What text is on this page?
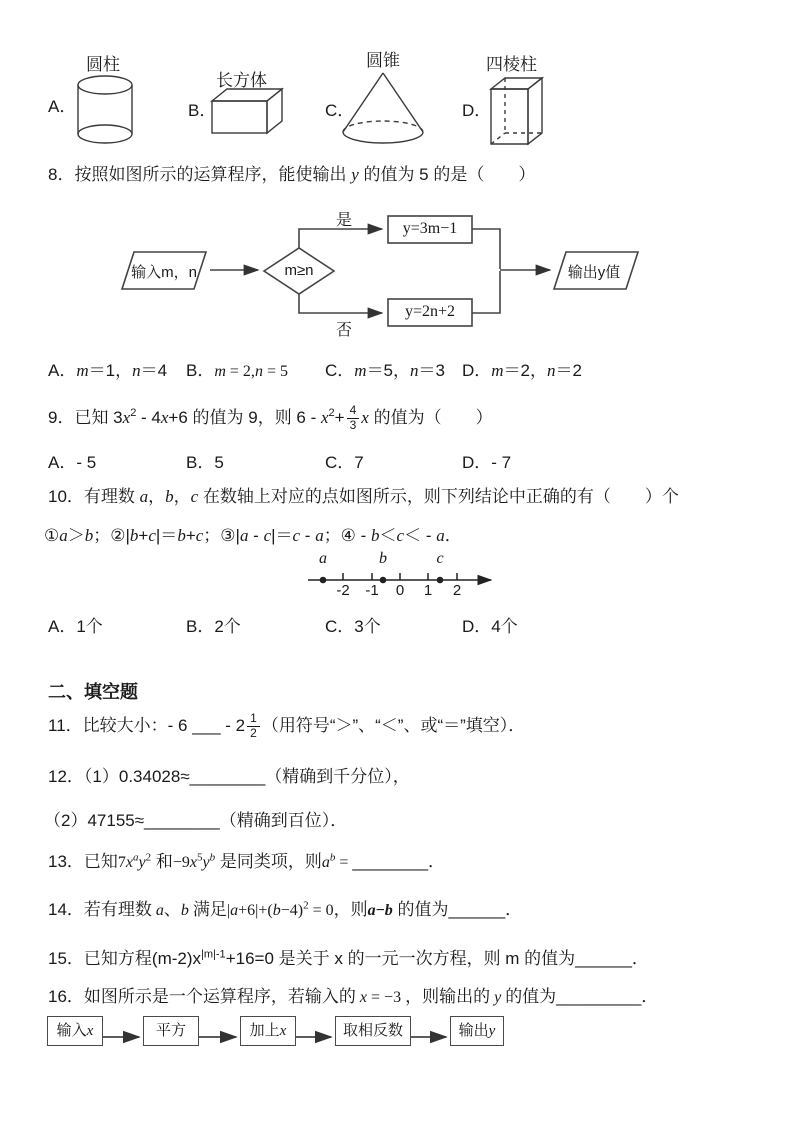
A．
圆柱
B．
长方体
C．
圆锥
D．
四棱柱
8．按照如图所示的运算程序，能使输出 y 的值为 5 的是（　　）
输入m，n	m≥n
是
否
y=3m−1
y=2n+2
输出y值
A．m＝1，n＝4 B．m = 2,n = 5 C．m＝5，n＝3 D．m＝2，n＝2
9．已知 $3x^2 - 4x+6$ 的值为 9，则 $6 - x^2+ \frac{4}{3}$ x 的值为（　　）
A．- 5	B．5	C．7	D．- 7
10．有理数 a，b，c 在数轴上对应的点如图所示，则下列结论中正确的有（　　）个
①a＞b；②|b+c|＝b+c；③|a - c|＝c - a；④ - b＜c＜ - a．
a	b	c
-2	-1	0	1	2
A．1个	B．2个	C．3个	D．4个
二、填空题
11．比较大小：- 6 ___ - $2 \frac{1}{2}$ （用符号“＞”、“＜”、或“＝”填空）．
12．（1）0.34028≈________（精确到千分位），
（2）47155≈________（精确到百位）．
13．已知$7x^ay^2$ 和$-9x^5y^b$ 是同类项，则$a^b$ = ________．
14．若有理数 a、b 满足$|a+6|+(b-4)^2 = 0$，则a−b 的值为______．
15．已知方程$(m-2)x^{|m|-1}+16=0$ 是关于 x 的一元一次方程，则 m 的值为______．
16．如图所示是一个运算程序，若输入的 x = −3 ，则输出的 y 的值为_________．
输入x	平方	加上x	取相反数	输出y
